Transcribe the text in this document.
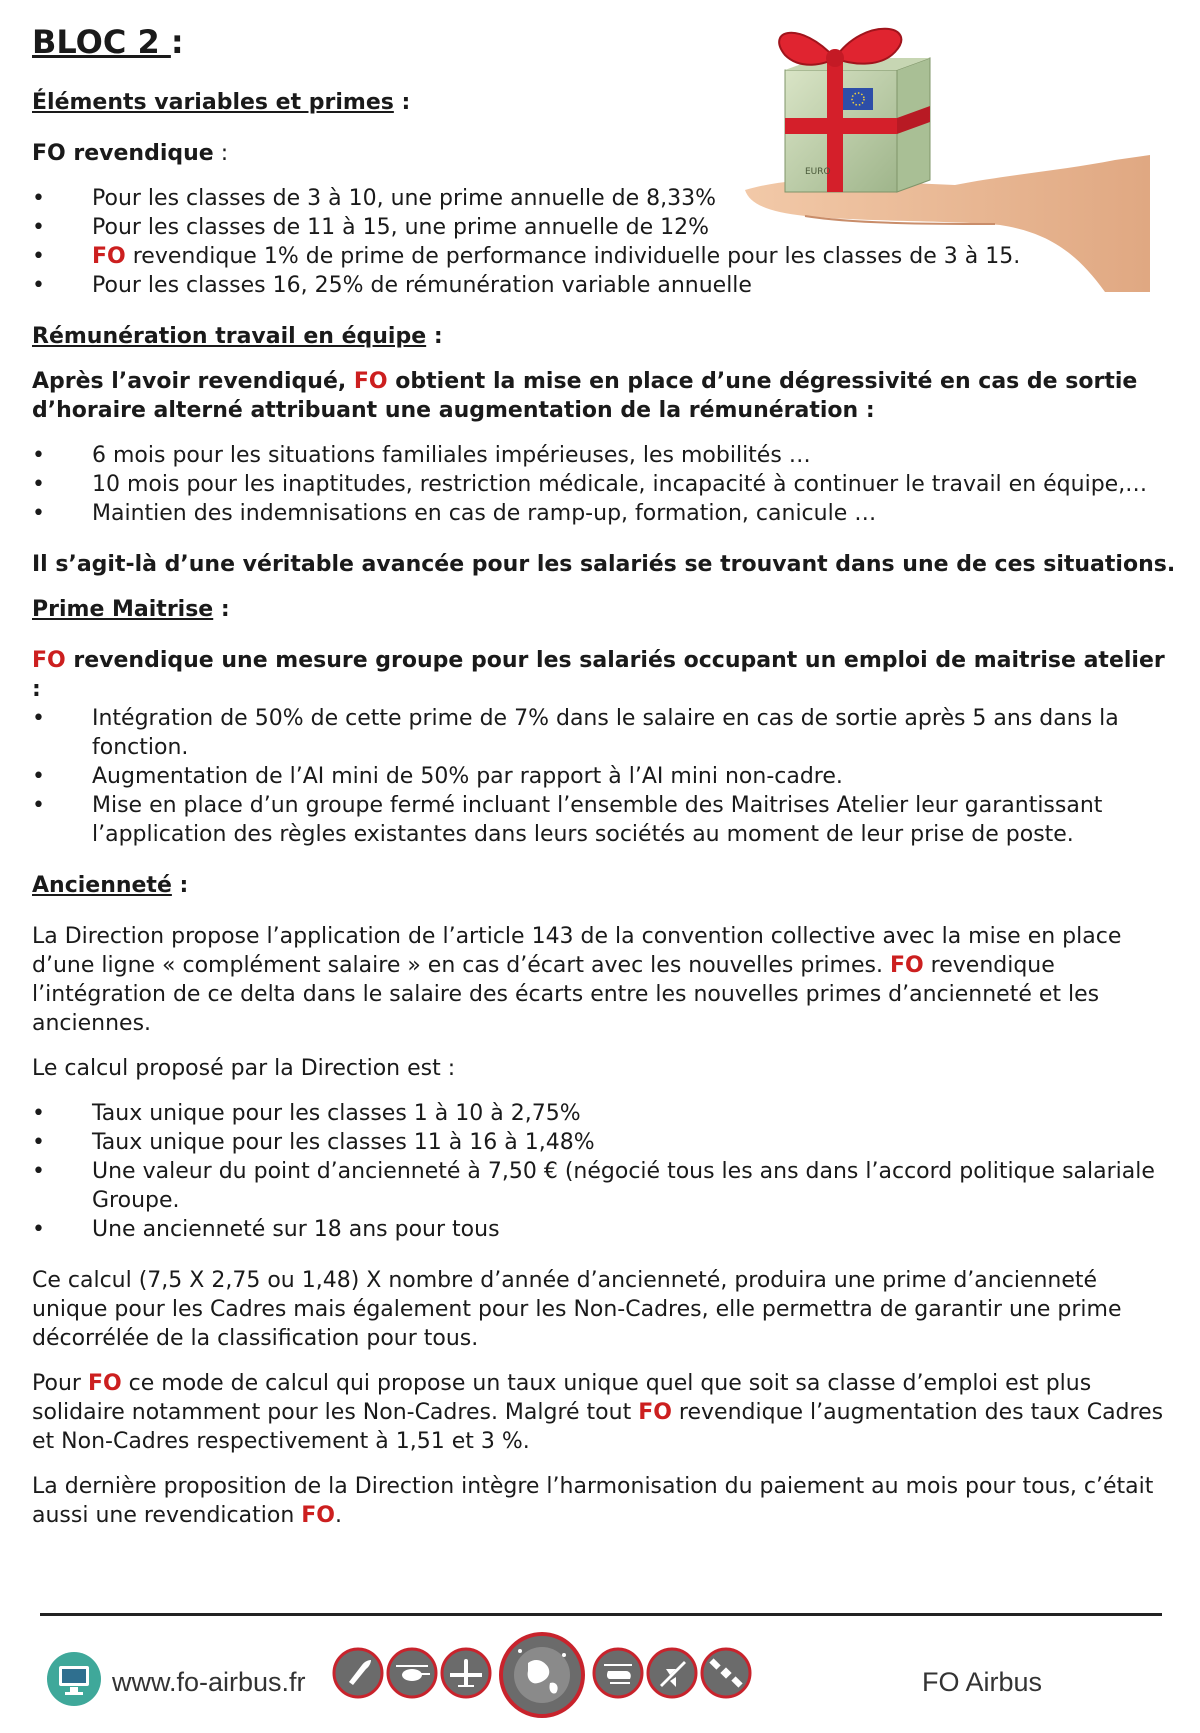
BLOC 2 :

Éléments variables et primes :

FO revendique :

• Pour les classes de 3 à 10, une prime annuelle de 8,33%
• Pour les classes de 11 à 15, une prime annuelle de 12%
• FO revendique 1% de prime de performance individuelle pour les classes de 3 à 15.
• Pour les classes 16, 25% de rémunération variable annuelle

Rémunération travail en équipe :

Après l’avoir revendiqué, FO obtient la mise en place d’une dégressivité en cas de sortie d’horaire alterné attribuant une augmentation de la rémunération :

• 6 mois pour les situations familiales impérieuses, les mobilités …
• 10 mois pour les inaptitudes, restriction médicale, incapacité à continuer le travail en équipe,…
• Maintien des indemnisations en cas de ramp-up, formation, canicule …

Il s’agit-là d’une véritable avancée pour les salariés se trouvant dans une de ces situations.

Prime Maitrise :

FO revendique une mesure groupe pour les salariés occupant un emploi de maitrise atelier :

• Intégration de 50% de cette prime de 7% dans le salaire en cas de sortie après 5 ans dans la fonction.
• Augmentation de l’AI mini de 50% par rapport à l’AI mini non-cadre.
• Mise en place d’un groupe fermé incluant l’ensemble des Maitrises Atelier leur garantissant l’application des règles existantes dans leurs sociétés au moment de leur prise de poste.

Ancienneté :

La Direction propose l’application de l’article 143 de la convention collective avec la mise en place d’une ligne « complément salaire » en cas d’écart avec les nouvelles primes. FO revendique l’intégration de ce delta dans le salaire des écarts entre les nouvelles primes d’ancienneté et les anciennes.

Le calcul proposé par la Direction est :

• Taux unique pour les classes 1 à 10 à 2,75%
• Taux unique pour les classes 11 à 16 à 1,48%
• Une valeur du point d’ancienneté à 7,50 € (négocié tous les ans dans l’accord politique salariale Groupe.
• Une ancienneté sur 18 ans pour tous

Ce calcul (7,5 X 2,75 ou 1,48) X nombre d’année d’ancienneté, produira une prime d’ancienneté unique pour les Cadres mais également pour les Non-Cadres, elle permettra de garantir une prime décorrélée de la classification pour tous.

Pour FO ce mode de calcul qui propose un taux unique quel que soit sa classe d’emploi est plus solidaire notamment pour les Non-Cadres. Malgré tout FO revendique l’augmentation des taux Cadres et Non-Cadres respectivement à 1,51 et 3 %.

La dernière proposition de la Direction intègre l’harmonisation du paiement au mois pour tous, c’était aussi une revendication FO.

EURO
www.fo-airbus.fr	FO Airbus
